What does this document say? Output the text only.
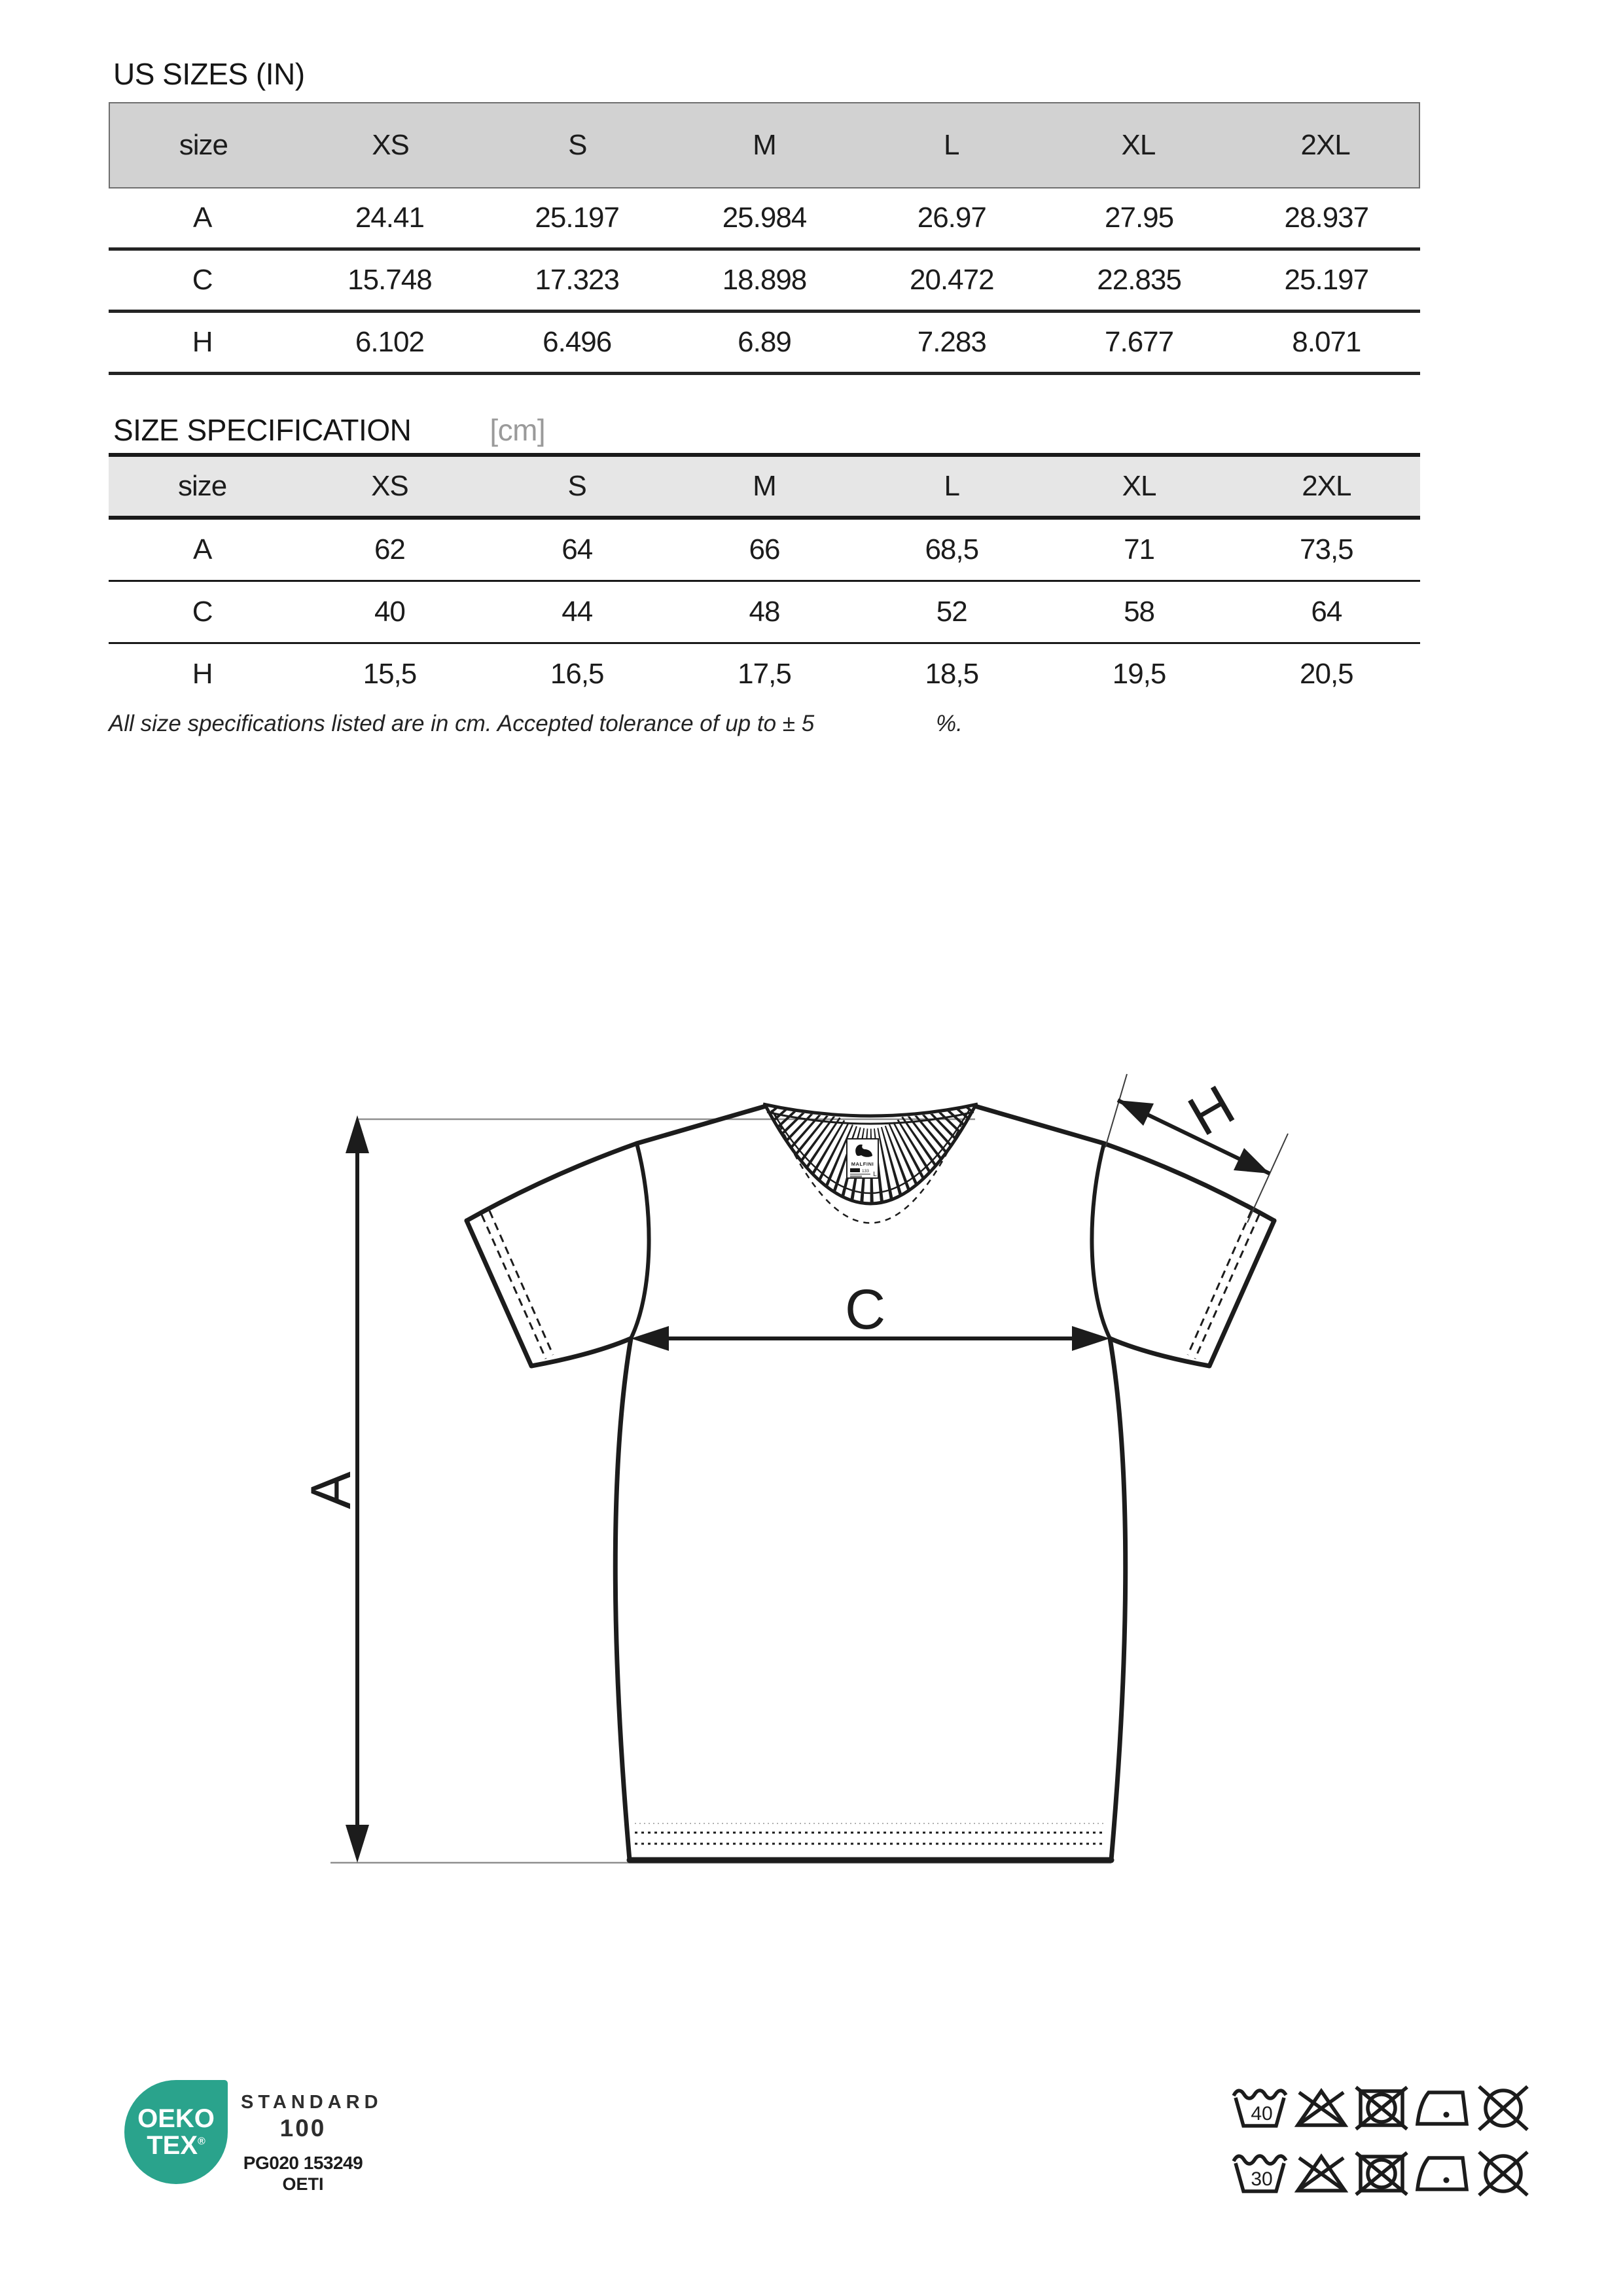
US SIZES (IN)
size	XS	S	M	L	XL	2XL
A	24.41	25.197	25.984	26.97	27.95	28.937
C	15.748	17.323	18.898	20.472	22.835	25.197
H	6.102	6.496	6.89	7.283	7.677	8.071
SIZE SPECIFICATION	[cm]
size	XS	S	M	L	XL	2XL
A	62	64	66	68,5	71	73,5
C	40	44	48	52	58	64
H	15,5	16,5	17,5	18,5	19,5	20,5
All size specifications listed are in cm. Accepted tolerance of up to ± 5	%.
A
MALFINI
133 L
C
H
OEKO
TEX®
STANDARD
100
PG020 153249
OETI
40
30
